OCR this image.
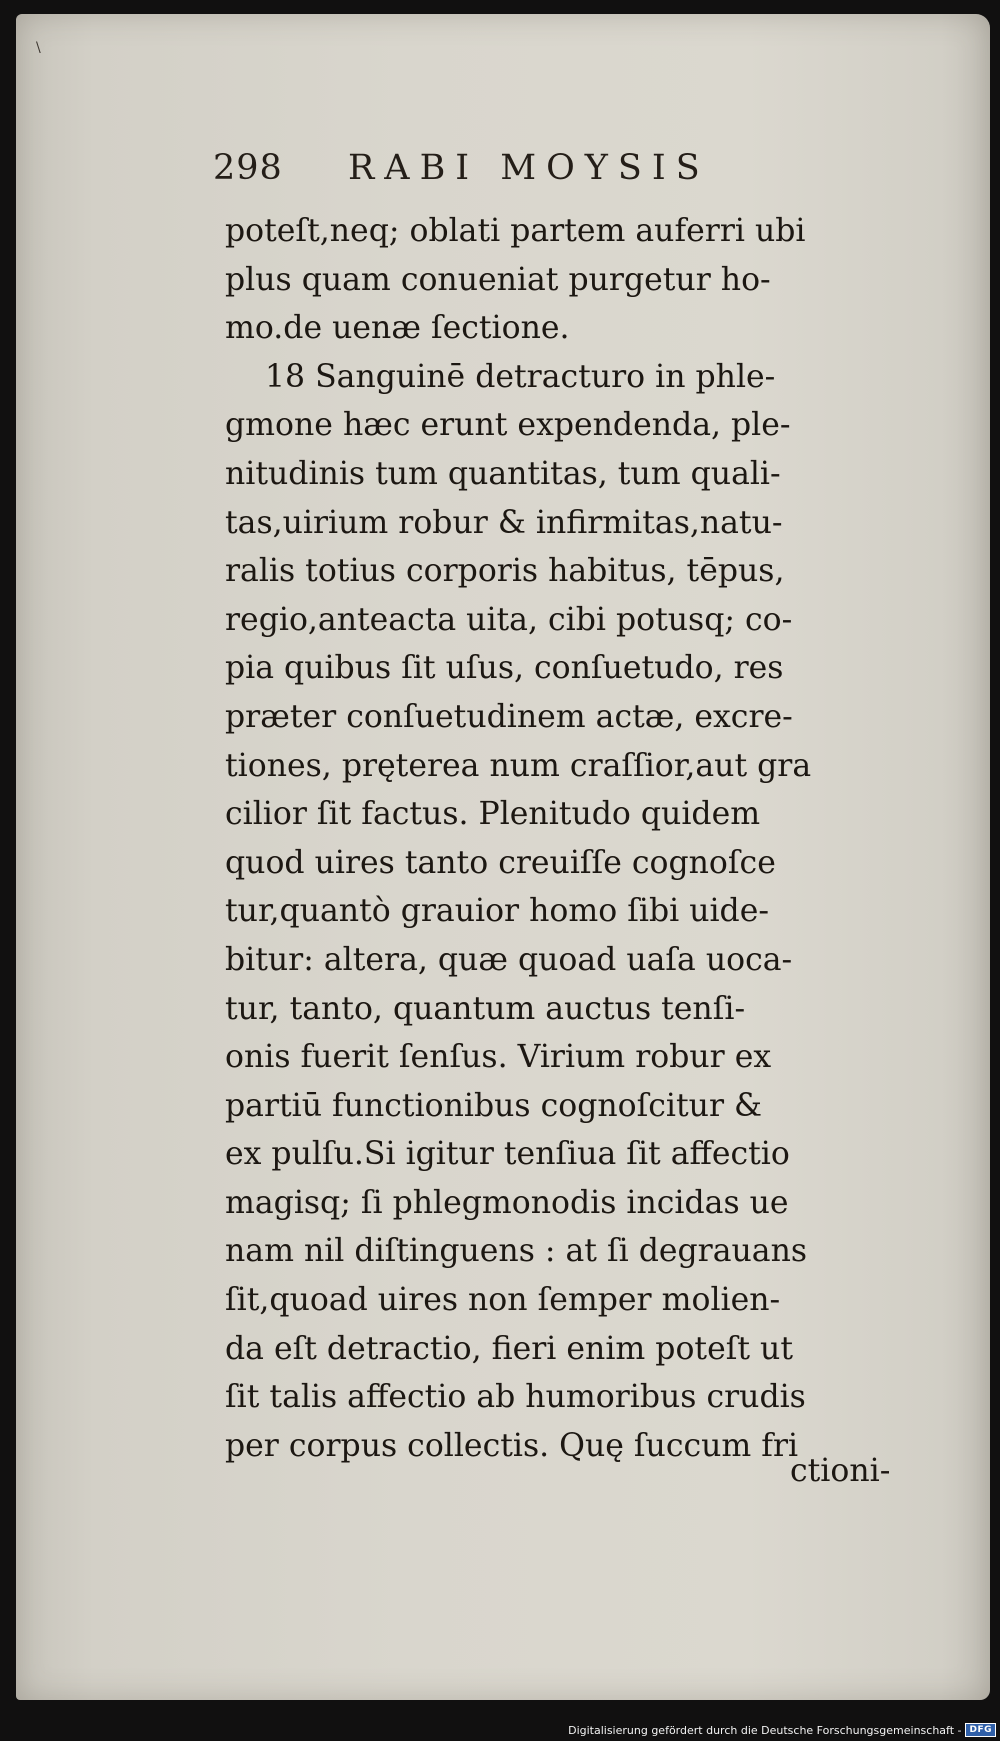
\
298 RABI MOYSIS
poteſt,neq; oblati partem auferri ubi
plus quam conueniat purgetur ho-
mo.de uenæ ſectione.
18 Sanguinē detracturo in phle-
gmone hæc erunt expendenda, ple-
nitudinis tum quantitas, tum quali-
tas,uirium robur & infirmitas,natu-
ralis totius corporis habitus, tēpus,
regio,anteacta uita, cibi potusq; co-
pia quibus ſit uſus, conſuetudo, res
præter conſuetudinem actæ, excre-
tiones, pręterea num craſſior,aut gra
cilior ſit factus. Plenitudo quidem
quod uires tanto creuiſſe cognoſce
tur,quantò grauior homo ſibi uide-
bitur: altera, quæ quoad uaſa uoca-
tur, tanto, quantum auctus tenſi-
onis fuerit ſenſus. Virium robur ex
partiū functionibus cognoſcitur &
ex pulſu.Si igitur tenſiua ſit affectio
magisq; ſi phlegmonodis incidas ue
nam nil diſtinguens : at ſi degrauans
ſit,quoad uires non ſemper molien-
da eſt detractio, fieri enim poteſt ut
ſit talis affectio ab humoribus crudis
per corpus collectis. Quę ſuccum fri
ctioni-
Digitalisierung gefördert durch die Deutsche Forschungsgemeinschaft - DFG
